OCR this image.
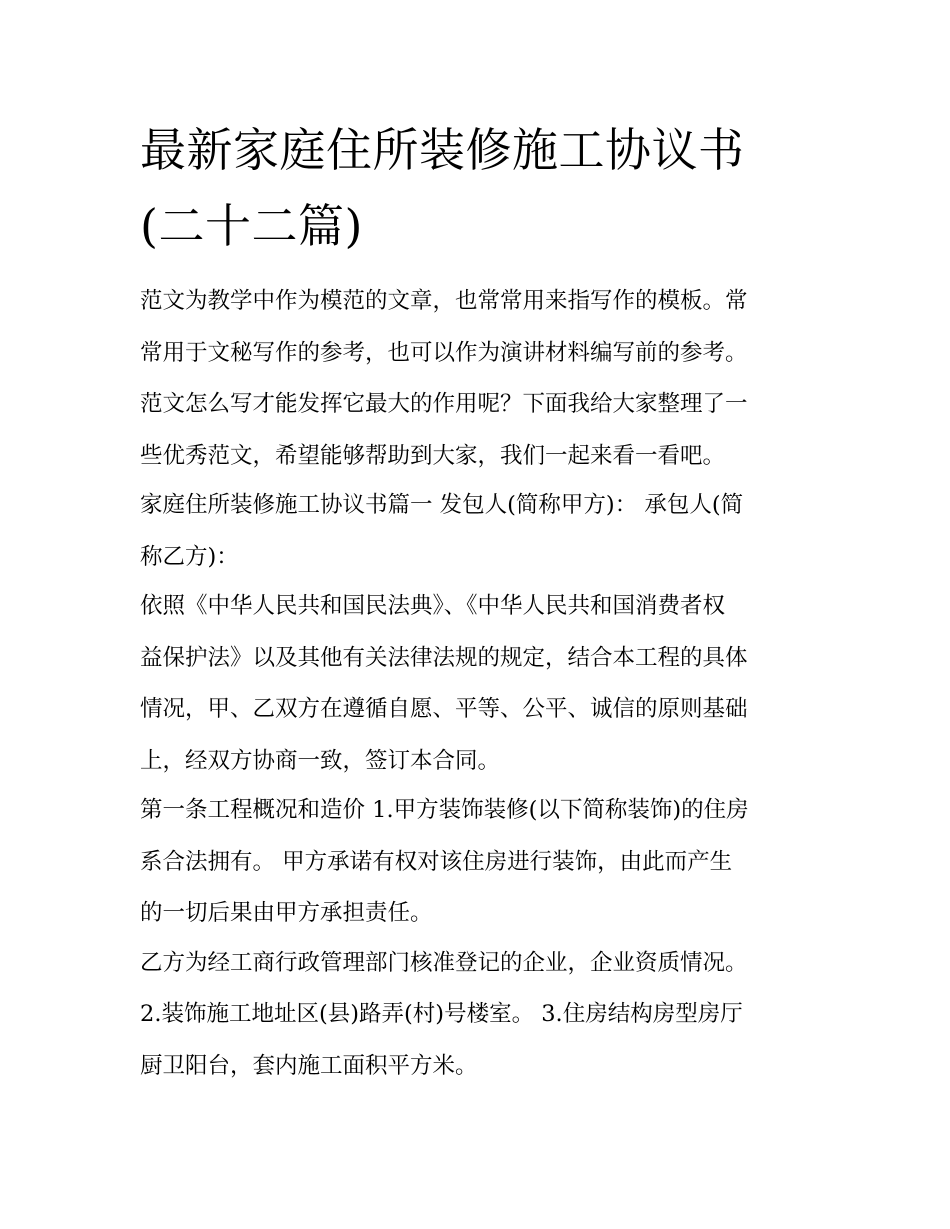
最新家庭住所装修施工协议书
(二十二篇)

范文为教学中作为模范的文章，也常常用来指写作的模板。常
常用于文秘写作的参考，也可以作为演讲材料编写前的参考。
范文怎么写才能发挥它最大的作用呢？下面我给大家整理了一
些优秀范文，希望能够帮助到大家，我们一起来看一看吧。

家庭住所装修施工协议书篇一 发包人(简称甲方)： 承包人(简
称乙方)：

依照《中华人民共和国民法典》、《中华人民共和国消费者权
益保护法》以及其他有关法律法规的规定，结合本工程的具体
情况，甲、乙双方在遵循自愿、平等、公平、诚信的原则基础
上，经双方协商一致，签订本合同。

第一条工程概况和造价 1.甲方装饰装修(以下简称装饰)的住房
系合法拥有。 甲方承诺有权对该住房进行装饰，由此而产生
的一切后果由甲方承担责任。

乙方为经工商行政管理部门核准登记的企业，企业资质情况。
2.装饰施工地址区(县)路弄(村)号楼室。 3.住房结构房型房厅
厨卫阳台，套内施工面积平方米。
